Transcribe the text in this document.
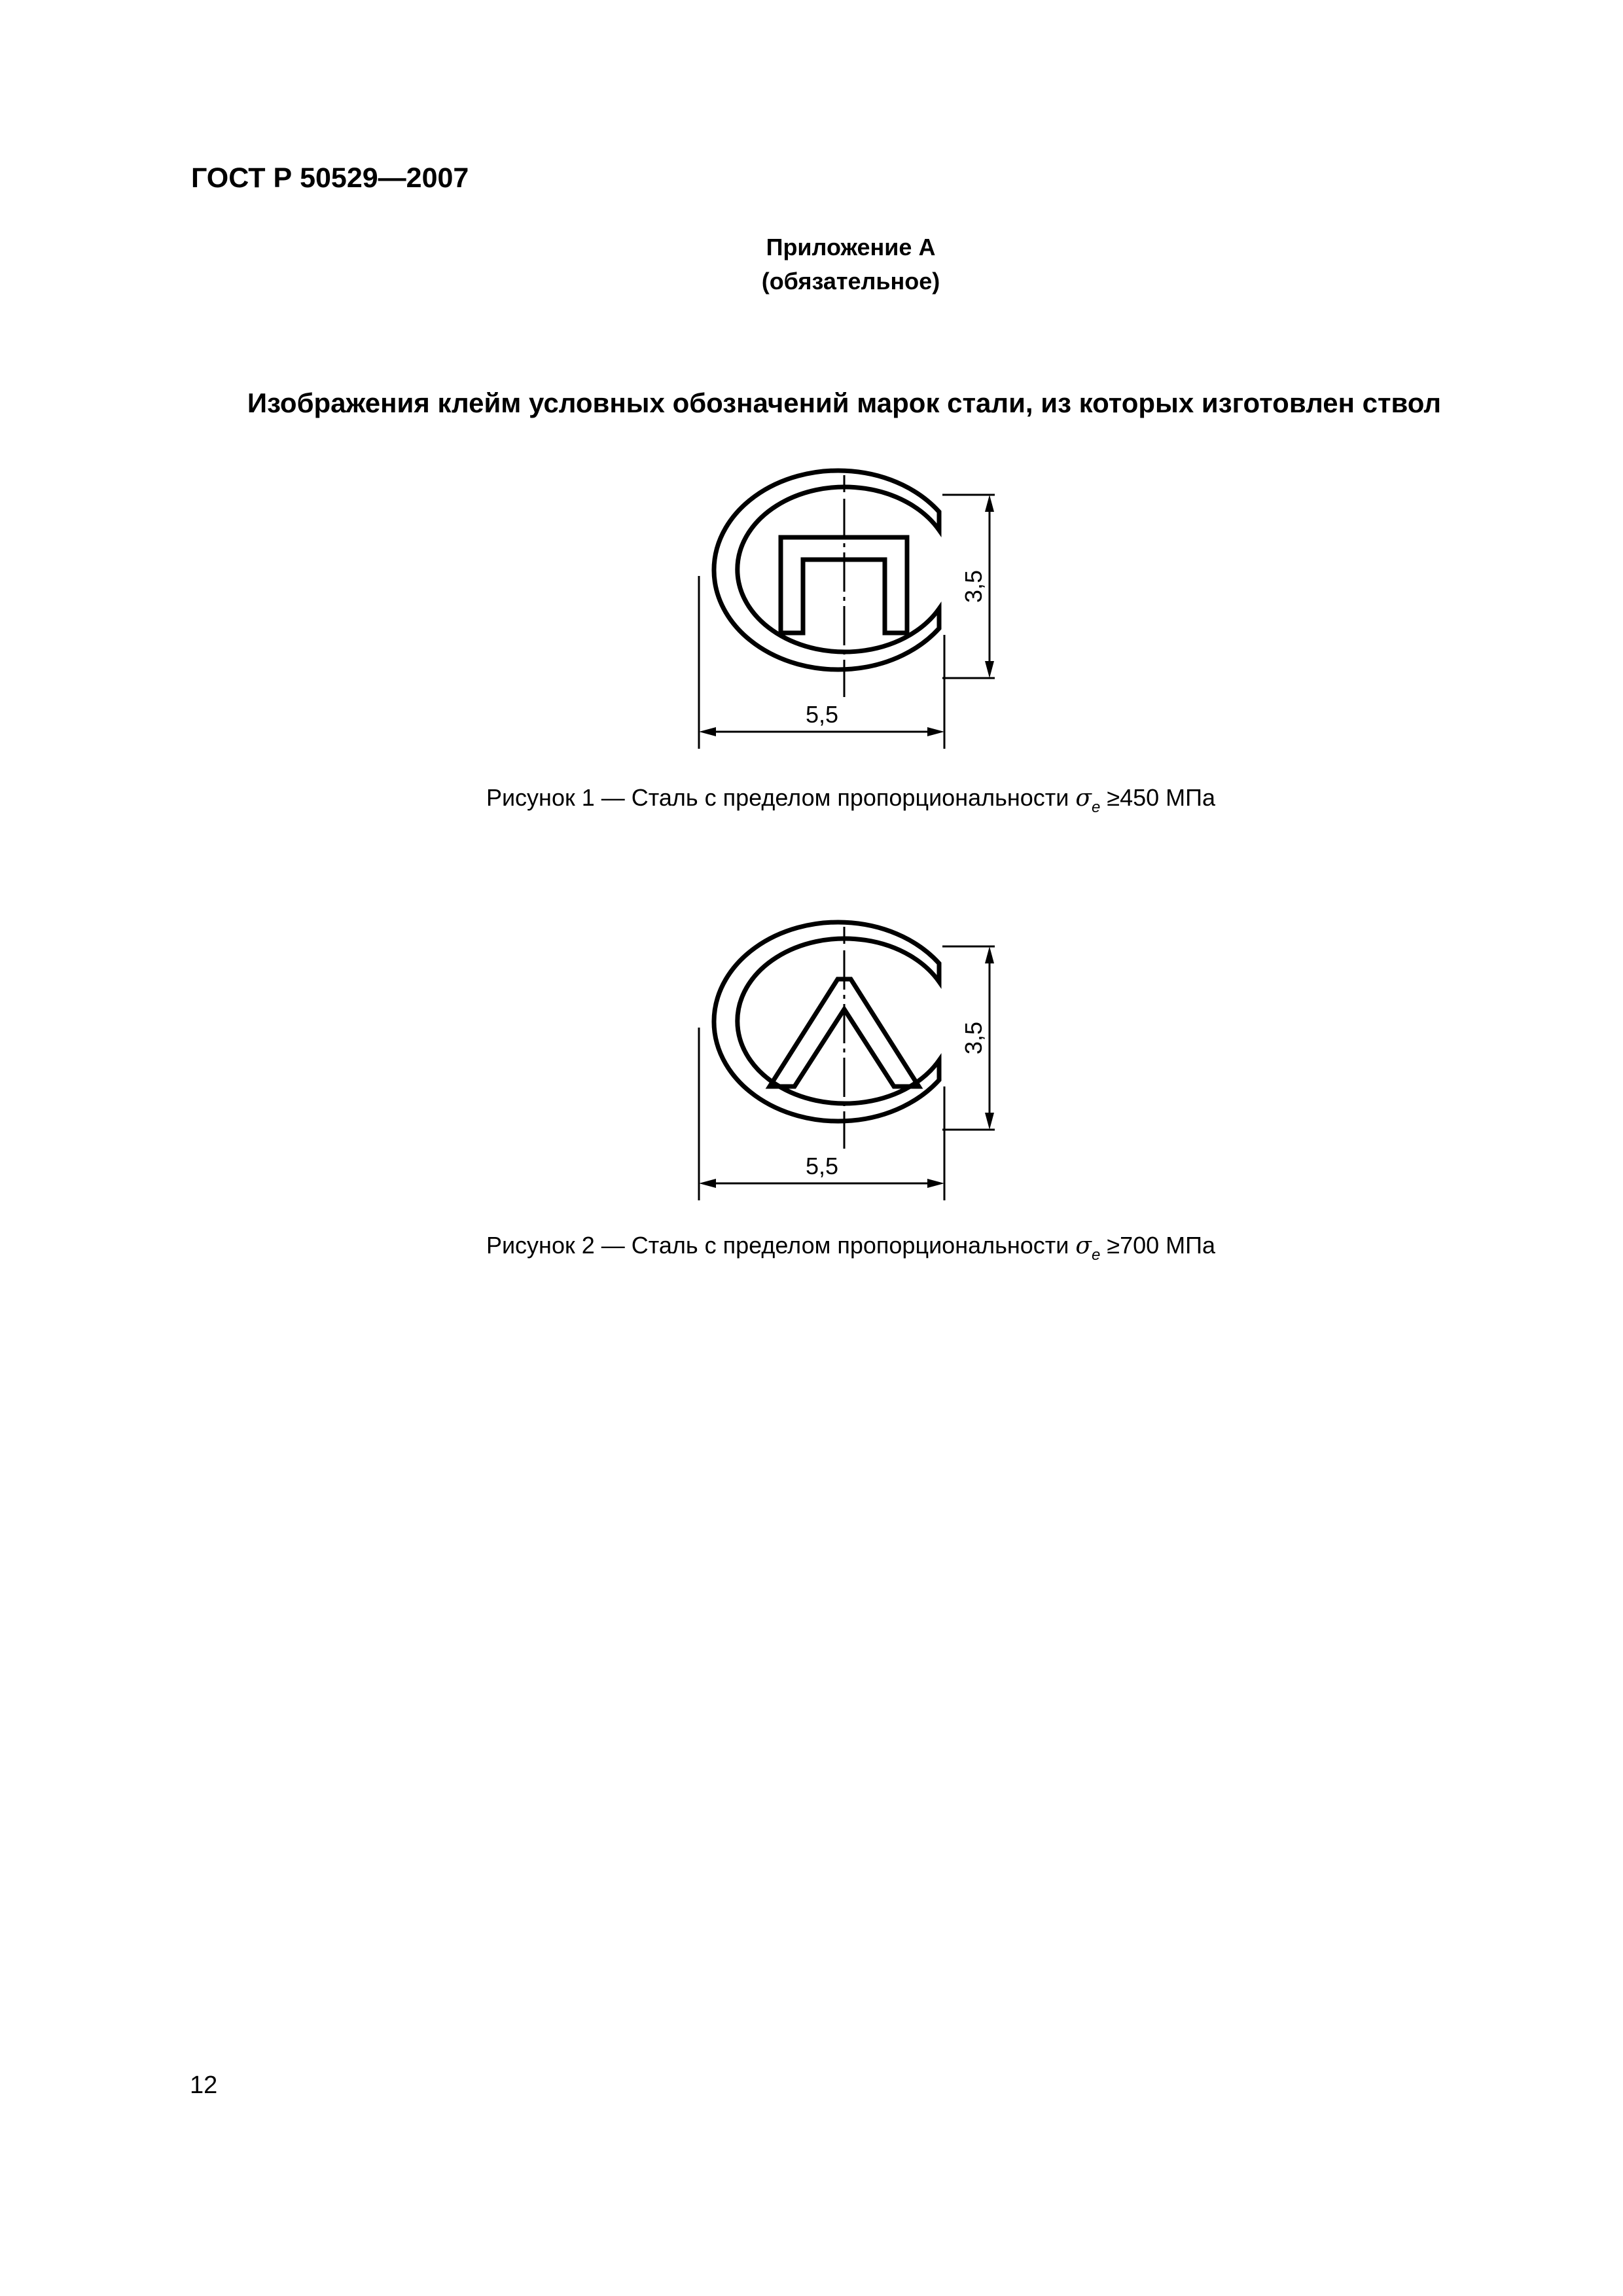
ГОСТ Р 50529—2007
Приложение А
(обязательное)
Изображения клейм условных обозначений марок стали, из которых изготовлен ствол
3,5
5,5
Рисунок 1 — Сталь с пределом пропорциональности $\sigma_е \ge 450$ МПа
3,5
5,5
Рисунок 2 — Сталь с пределом пропорциональности $\sigma_е \ge 700$ МПа
12
